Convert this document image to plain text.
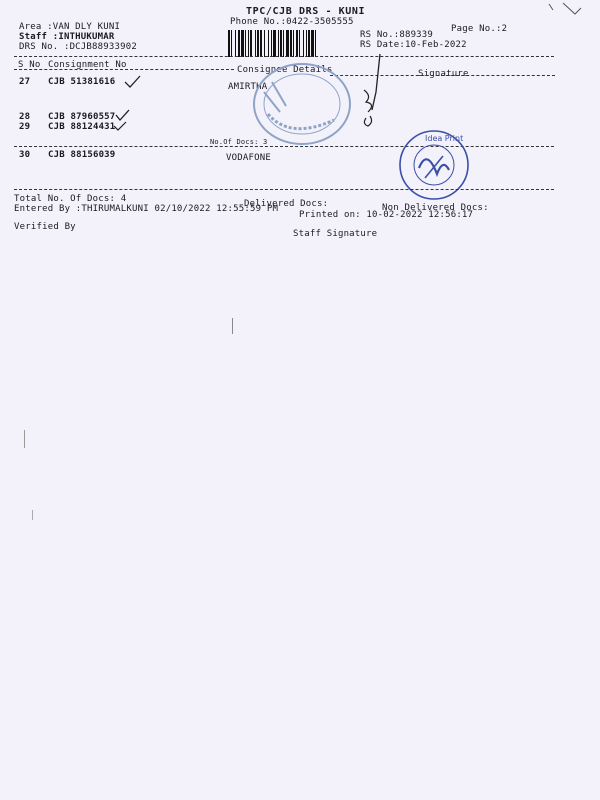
TPC/CJB DRS - KUNI
Phone No.:0422-3505555
Area :VAN DLY KUNI
Staff :INTHUKUMAR
DRS No. :DCJB88933902
Page No.:2
RS No.:889339
RS Date:10-Feb-2022
S No Consignment No	Consignee Details	Signature
27 CJB 51381616	AMIRTHA
28 CJB 87960557
29 CJB 88124431
No.Of Docs: 3
30 CJB 88156039	VODAFONE
Idea Print
Total No. Of Docs: 4	Delivered Docs:	Non Delivered Docs:
Entered By :THIRUMALKUNI 02/10/2022 12:55:59 PM
Printed on: 10-02-2022 12:56:17
Verified By
Staff Signature
